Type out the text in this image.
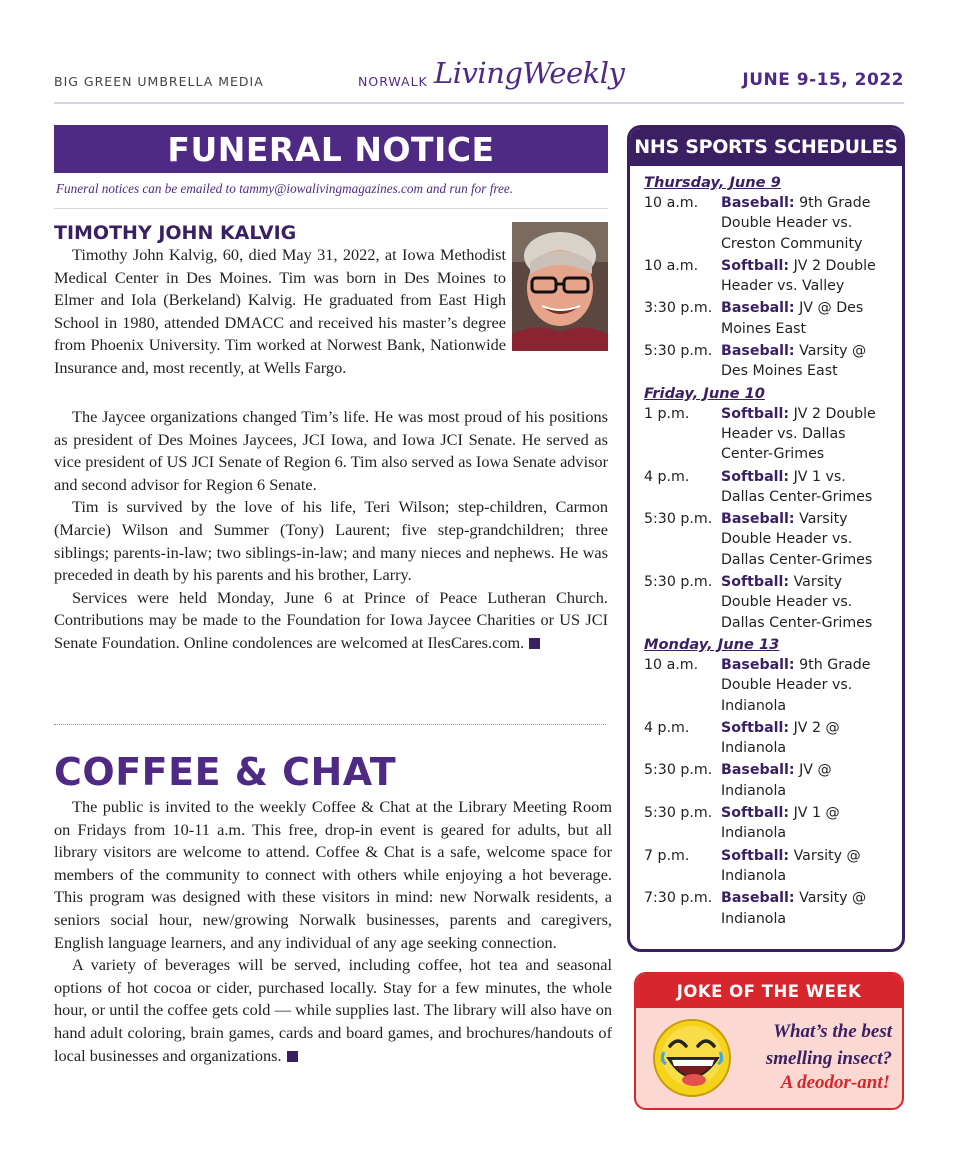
BIG GREEN UMBRELLA MEDIA	NORWALK LivingWeekly	JUNE 9-15, 2022
FUNERAL NOTICE
Funeral notices can be emailed to tammy@iowalivingmagazines.com and run for free.
TIMOTHY JOHN KALVIG

Timothy John Kalvig, 60, died May 31, 2022, at Iowa Methodist Medical Center in Des Moines. Tim was born in Des Moines to Elmer and Iola (Berkeland) Kalvig. He graduated from East High School in 1980, attended DMACC and received his master’s degree from Phoenix University. Tim worked at Norwest Bank, Nationwide Insurance and, most recently, at Wells Fargo.

The Jaycee organizations changed Tim’s life. He was most proud of his positions as president of Des Moines Jaycees, JCI Iowa, and Iowa JCI Senate. He served as vice president of US JCI Senate of Region 6. Tim also served as Iowa Senate advisor and second advisor for Region 6 Senate.

Tim is survived by the love of his life, Teri Wilson; step-children, Carmon (Marcie) Wilson and Summer (Tony) Laurent; five step-grandchildren; three siblings; parents-in-law; two siblings-in-law; and many nieces and nephews. He was preceded in death by his parents and his brother, Larry.

Services were held Monday, June 6 at Prince of Peace Lutheran Church. Contributions may be made to the Foundation for Iowa Jaycee Charities or US JCI Senate Foundation. Online condolences are welcomed at IlesCares.com.

COFFEE & CHAT

The public is invited to the weekly Coffee & Chat at the Library Meeting Room on Fridays from 10-11 a.m. This free, drop-in event is geared for adults, but all library visitors are welcome to attend. Coffee & Chat is a safe, welcome space for members of the community to connect with others while enjoying a hot beverage. This program was designed with these visitors in mind: new Norwalk residents, a seniors social hour, new/growing Norwalk businesses, parents and caregivers, English language learners, and any individual of any age seeking connection.

A variety of beverages will be served, including coffee, hot tea and seasonal options of hot cocoa or cider, purchased locally. Stay for a few minutes, the whole hour, or until the coffee gets cold — while supplies last. The library will also have on hand adult coloring, brain games, cards and board games, and brochures/handouts of local businesses and organizations.

NHS SPORTS SCHEDULES
Thursday, June 9
10 a.m.	Baseball: 9th Grade Double Header vs. Creston Community
10 a.m.	Softball: JV 2 Double Header vs. Valley
3:30 p.m. Baseball: JV @ Des Moines East
5:30 p.m. Baseball: Varsity @ Des Moines East
Friday, June 10
1 p.m.	Softball: JV 2 Double Header vs. Dallas Center-Grimes
4 p.m.	Softball: JV 1 vs. Dallas Center-Grimes
5:30 p.m. Baseball: Varsity Double Header vs. Dallas Center-Grimes
5:30 p.m. Softball: Varsity Double Header vs. Dallas Center-Grimes
Monday, June 13
10 a.m.	Baseball: 9th Grade Double Header vs. Indianola
4 p.m.	Softball: JV 2 @ Indianola
5:30 p.m. Baseball: JV @ Indianola
5:30 p.m. Softball: JV 1 @ Indianola
7 p.m.	Softball: Varsity @ Indianola
7:30 p.m. Baseball: Varsity @ Indianola
JOKE OF THE WEEK
What’s the best smelling insect?
A deodor-ant!
